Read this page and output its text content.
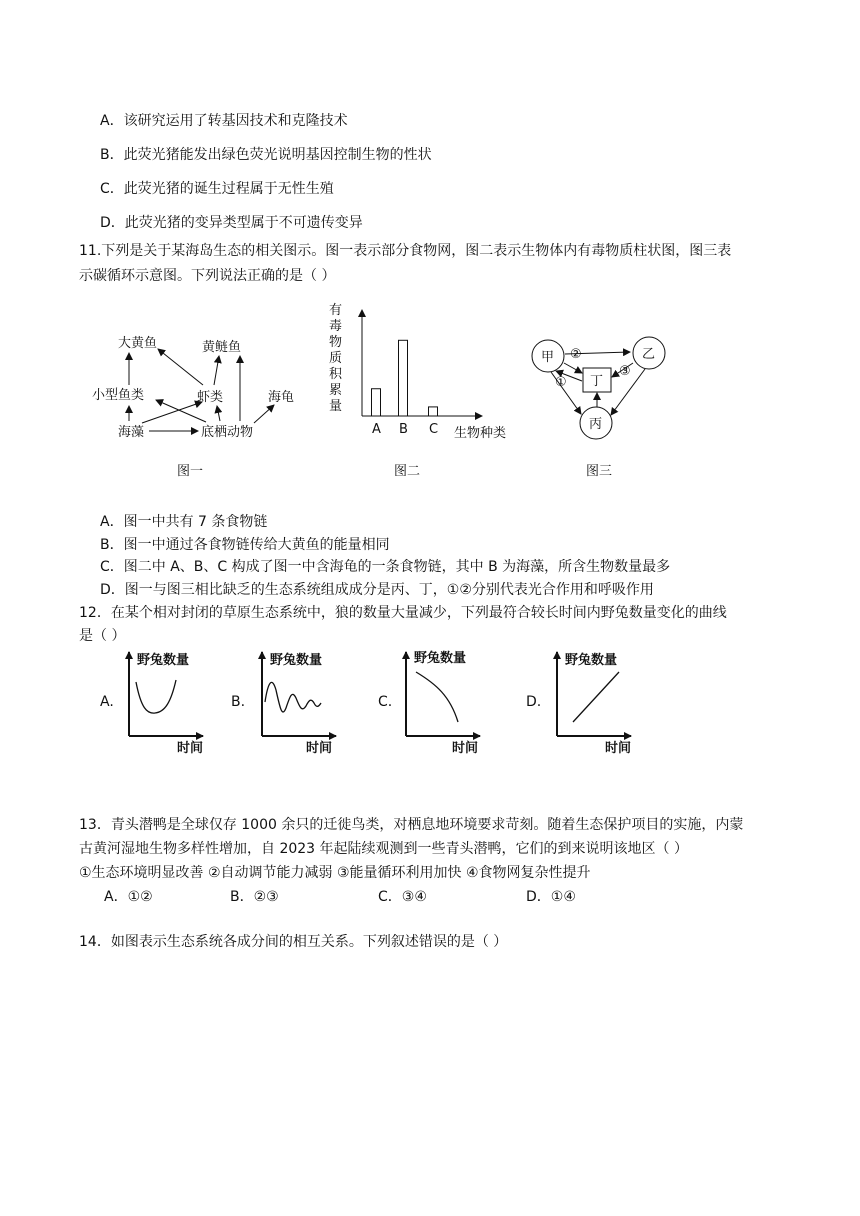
A．该研究运用了转基因技术和克隆技术
B．此荧光猪能发出绿色荧光说明基因控制生物的性状
C．此荧光猪的诞生过程属于无性生殖
D．此荧光猪的变异类型属于不可遗传变异
11.下列是关于某海岛生态的相关图示。图一表示部分食物网，图二表示生物体内有毒物质柱状图，图三表
示碳循环示意图。下列说法正确的是（ ）
大黄鱼	黄鲢鱼
小型鱼类	虾类	海龟
海藻	底栖动物
图一
有
毒
物
质
积
累
量
A B C 生物种类
图二
甲	乙
丙
丁
②
①
③
图三
A．图一中共有 7 条食物链
B．图一中通过各食物链传给大黄鱼的能量相同
C．图二中 A、B、C 构成了图一中含海龟的一条食物链，其中 B 为海藻，所含生物数量最多
D．图一与图三相比缺乏的生态系统组成成分是丙、丁，①②分别代表光合作用和呼吸作用
12．在某个相对封闭的草原生态系统中，狼的数量大量减少，下列最符合较长时间内野兔数量变化的曲线
是（ ）
A.	B.	C.	D.
野兔数量
时间
野兔数量
时间
野兔数量
时间
野兔数量
时间
13．青头潜鸭是全球仅存 1000 余只的迁徙鸟类，对栖息地环境要求苛刻。随着生态保护项目的实施，内蒙
古黄河湿地生物多样性增加，自 2023 年起陆续观测到一些青头潜鸭，它们的到来说明该地区（ ）
①生态环境明显改善 ②自动调节能力减弱 ③能量循环利用加快 ④食物网复杂性提升
A．①②	B．②③	C．③④	D．①④
14．如图表示生态系统各成分间的相互关系。下列叙述错误的是（ ）
